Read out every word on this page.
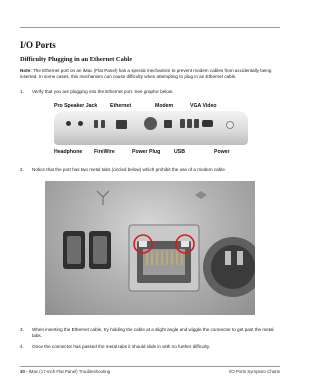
I/O Ports
Difficulty Plugging in an Ethernet Cable

Note: The Ethernet port on an iMac (Flat Panel) has a special mechanism to prevent modem cables from accidentally being inserted. In some cases, this mechanism can cause difficulty when attempting to plug in an Ethernet cable.

1.	Verify that you are plugging into the Ethernet port. See graphic below.
Pro Speaker Jack Ethernet	Modem	VGA Video
Headphone FireWire	Power Plug	USB	Power
2.	Notice that the port has two metal tabs (circled below) which prohibit the use of a modem cable.
3.	When inserting the Ethernet cable, try holding the cable at a slight angle and wiggle the connector to get past the metal tabs.
4.	Once the connector has passed the metal tabs it should slide in with no further difficulty.
30 - iMac (17-inch Flat Panel) Troubleshooting	I/O Ports Symptom Charts
